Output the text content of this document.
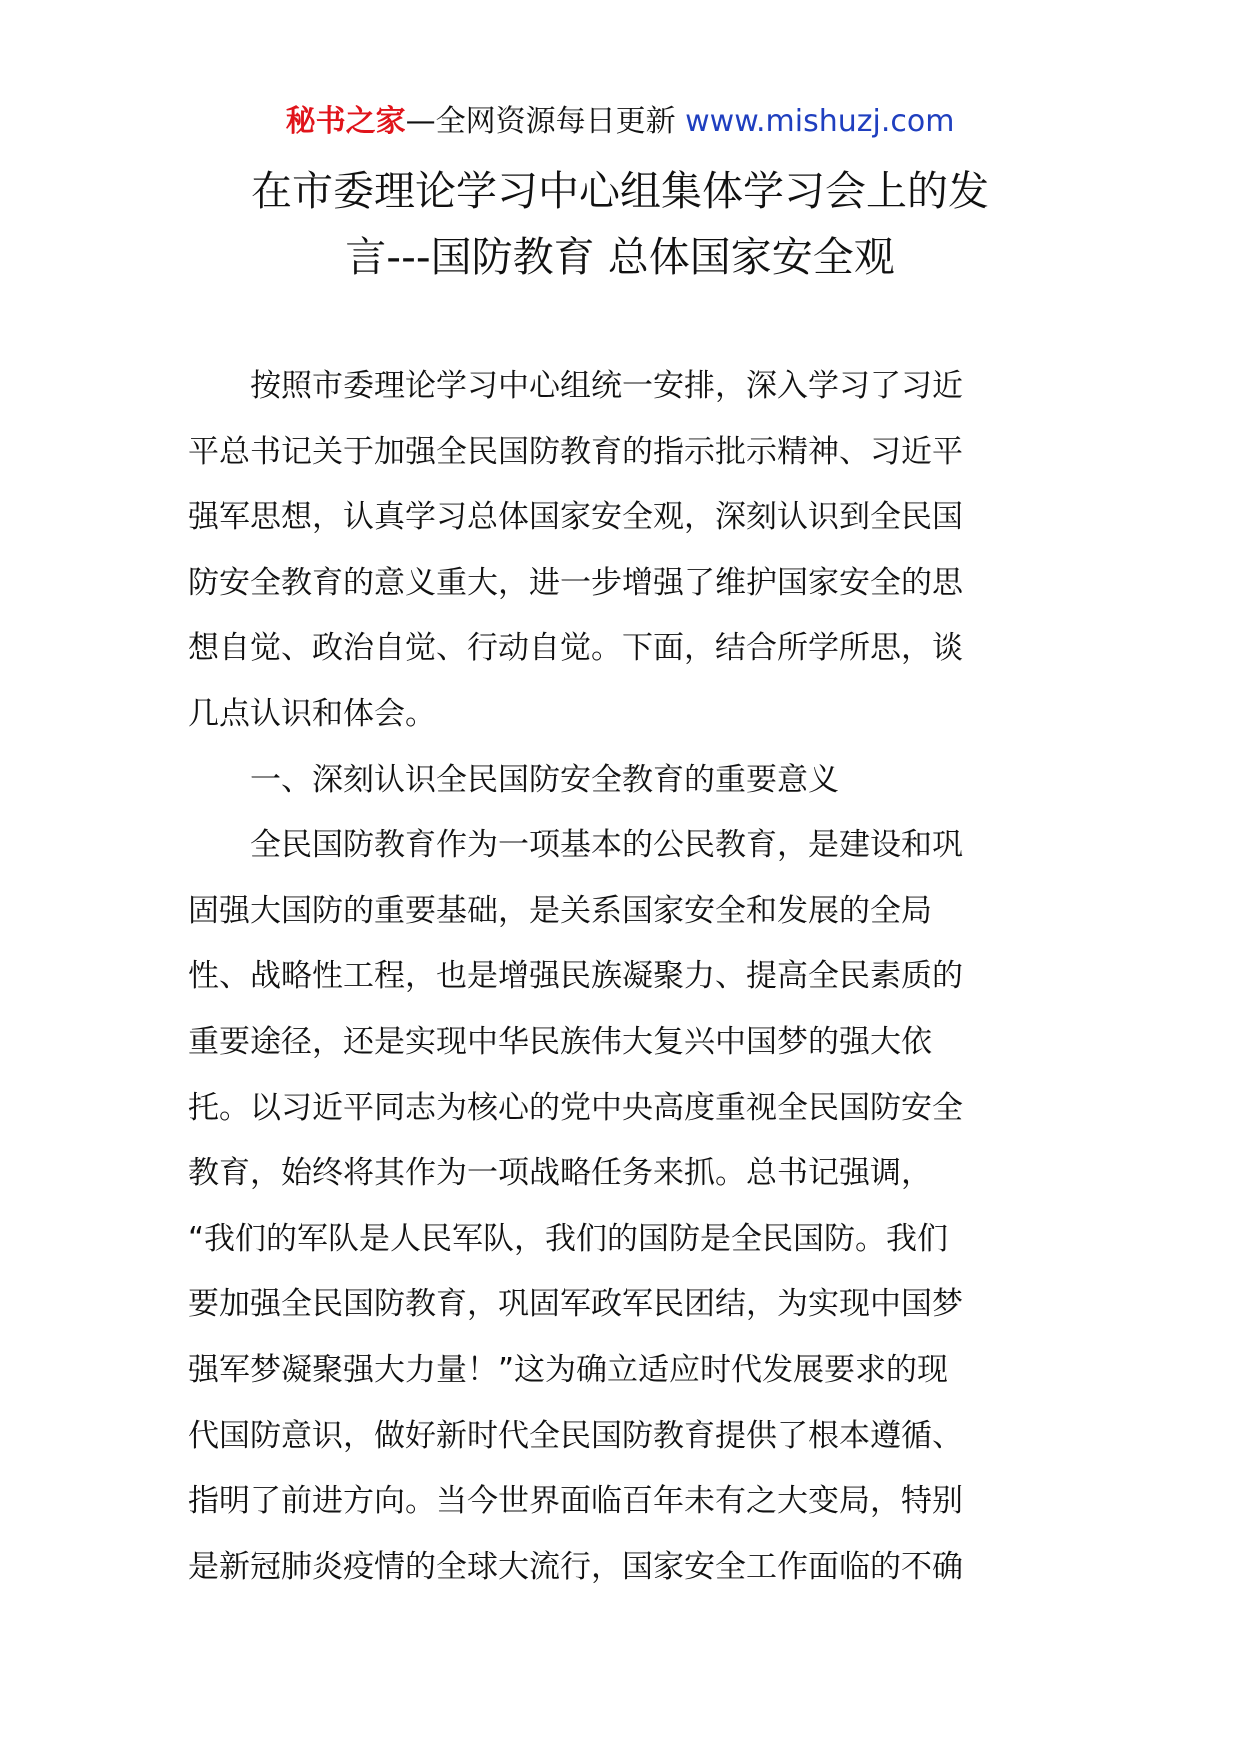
秘书之家—全网资源每日更新 www.mishuzj.com
在市委理论学习中心组集体学习会上的发
言---国防教育 总体国家安全观

　　按照市委理论学习中心组统一安排，深入学习了习近
平总书记关于加强全民国防教育的指示批示精神、习近平
强军思想，认真学习总体国家安全观，深刻认识到全民国
防安全教育的意义重大，进一步增强了维护国家安全的思
想自觉、政治自觉、行动自觉。下面，结合所学所思，谈
几点认识和体会。

　　一、深刻认识全民国防安全教育的重要意义

　　全民国防教育作为一项基本的公民教育，是建设和巩
固强大国防的重要基础，是关系国家安全和发展的全局
性、战略性工程，也是增强民族凝聚力、提高全民素质的
重要途径，还是实现中华民族伟大复兴中国梦的强大依
托。以习近平同志为核心的党中央高度重视全民国防安全
教育，始终将其作为一项战略任务来抓。总书记强调，
“我们的军队是人民军队，我们的国防是全民国防。我们
要加强全民国防教育，巩固军政军民团结，为实现中国梦
强军梦凝聚强大力量！”这为确立适应时代发展要求的现
代国防意识，做好新时代全民国防教育提供了根本遵循、
指明了前进方向。当今世界面临百年未有之大变局，特别
是新冠肺炎疫情的全球大流行，国家安全工作面临的不确
